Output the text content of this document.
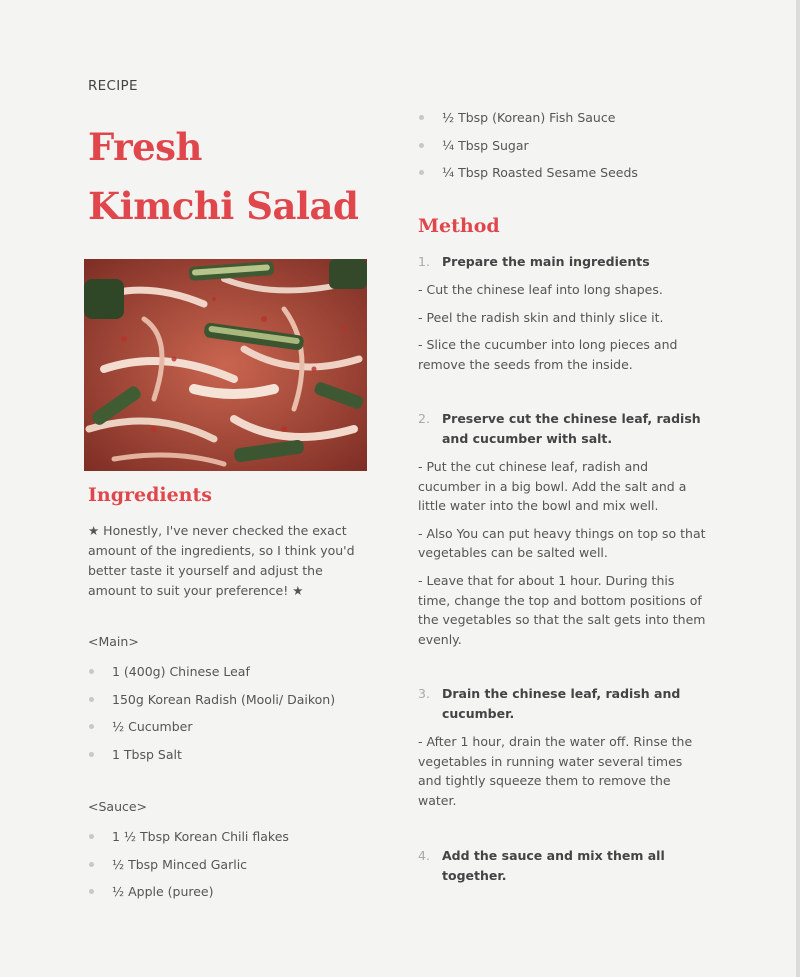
RECIPE

Fresh
Kimchi Salad
Ingredients

★ Honestly, I've never checked the exact amount of the ingredients, so I think you'd better taste it yourself and adjust the amount to suit your preference! ★

<Main>

1 (400g) Chinese Leaf
150g Korean Radish (Mooli/ Daikon)
½ Cucumber
1 Tbsp Salt

<Sauce>

1 ½ Tbsp Korean Chili flakes
½ Tbsp Minced Garlic
½ Apple (puree)
½ Tbsp (Korean) Fish Sauce
¼ Tbsp Sugar
¼ Tbsp Roasted Sesame Seeds
Method
1. Prepare the main ingredients

- Cut the chinese leaf into long shapes.

- Peel the radish skin and thinly slice it.

- Slice the cucumber into long pieces and remove the seeds from the inside.

2. Preserve cut the chinese leaf, radish and cucumber with salt.

- Put the cut chinese leaf, radish and cucumber in a big bowl. Add the salt and a little water into the bowl and mix well.

- Also You can put heavy things on top so that vegetables can be salted well.

- Leave that for about 1 hour. During this time, change the top and bottom positions of the vegetables so that the salt gets into them evenly.

3. Drain the chinese leaf, radish and cucumber.

- After 1 hour, drain the water off. Rinse the vegetables in running water several times and tightly squeeze them to remove the water.

4. Add the sauce and mix them all together.
